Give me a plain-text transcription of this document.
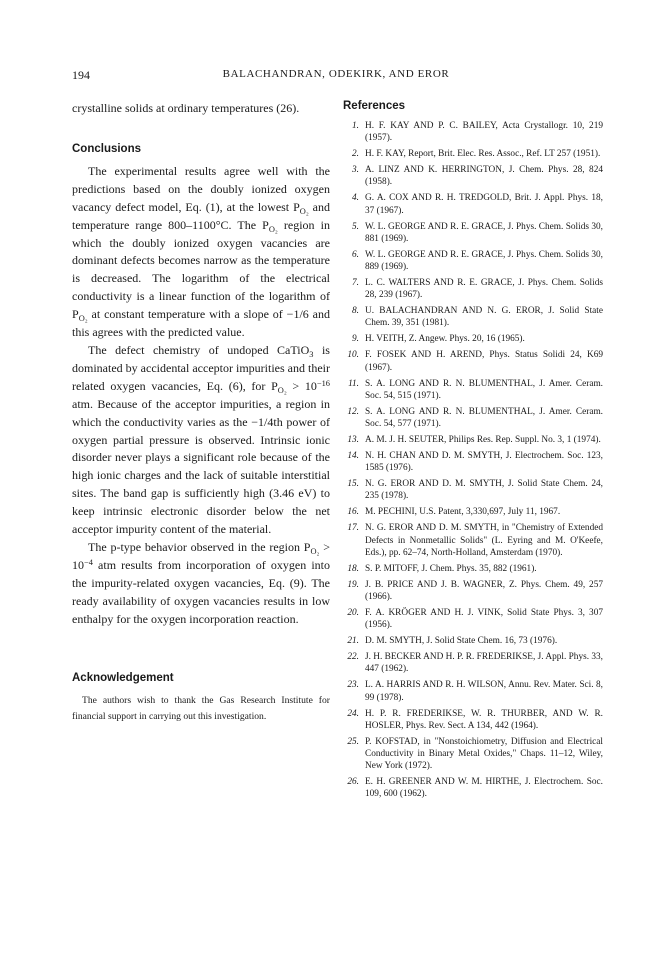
194	BALACHANDRAN, ODEKIRK, AND EROR

crystalline solids at ordinary temperatures (26).

Conclusions

The experimental results agree well with the predictions based on the doubly ionized oxygen vacancy defect model, Eq. (1), at the lowest $P_{O_2}$ and temperature range 800–1100°C. The $P_{O_2}$ region in which the doubly ionized oxygen vacancies are dominant defects becomes narrow as the temperature is decreased. The logarithm of the electrical conductivity is a linear function of the logarithm of $P_{O_2}$ at constant temperature with a slope of −1/6 and this agrees with the predicted value.

The defect chemistry of undoped CaTiO$_3$ is dominated by accidental acceptor impurities and their related oxygen vacancies, Eq. (6), for $P_{O_2} > 10^{-16}$ atm. Because of the acceptor impurities, a region in which the conductivity varies as the −1/4th power of oxygen partial pressure is observed. Intrinsic ionic disorder never plays a significant role because of the high ionic charges and the lack of suitable interstitial sites. The band gap is sufficiently high (3.46 eV) to keep intrinsic electronic disorder below the net acceptor impurity content of the material.

The p-type behavior observed in the region $P_{O_2} > 10^{-4}$ atm results from incorporation of oxygen into the impurity-related oxygen vacancies, Eq. (9). The ready availability of oxygen vacancies results in low enthalpy for the oxygen incorporation reaction.

Acknowledgement

The authors wish to thank the Gas Research Institute for financial support in carrying out this investigation.

References
1. H. F. KAY AND P. C. BAILEY, Acta Crystallogr. 10, 219 (1957).
2. H. F. KAY, Report, Brit. Elec. Res. Assoc., Ref. LT 257 (1951).
3. A. LINZ AND K. HERRINGTON, J. Chem. Phys. 28, 824 (1958).
4. G. A. COX AND R. H. TREDGOLD, Brit. J. Appl. Phys. 18, 37 (1967).
5. W. L. GEORGE AND R. E. GRACE, J. Phys. Chem. Solids 30, 881 (1969).
6. W. L. GEORGE AND R. E. GRACE, J. Phys. Chem. Solids 30, 889 (1969).
7. L. C. WALTERS AND R. E. GRACE, J. Phys. Chem. Solids 28, 239 (1967).
8. U. BALACHANDRAN AND N. G. EROR, J. Solid State Chem. 39, 351 (1981).
9. H. VEITH, Z. Angew. Phys. 20, 16 (1965).
10. F. FOSEK AND H. AREND, Phys. Status Solidi 24, K69 (1967).
11. S. A. LONG AND R. N. BLUMENTHAL, J. Amer. Ceram. Soc. 54, 515 (1971).
12. S. A. LONG AND R. N. BLUMENTHAL, J. Amer. Ceram. Soc. 54, 577 (1971).
13. A. M. J. H. SEUTER, Philips Res. Rep. Suppl. No. 3, 1 (1974).
14. N. H. CHAN AND D. M. SMYTH, J. Electrochem. Soc. 123, 1585 (1976).
15. N. G. EROR AND D. M. SMYTH, J. Solid State Chem. 24, 235 (1978).
16. M. PECHINI, U.S. Patent, 3,330,697, July 11, 1967.
17. N. G. EROR AND D. M. SMYTH, in "Chemistry of Extended Defects in Nonmetallic Solids" (L. Eyring and M. O'Keefe, Eds.), pp. 62–74, North-Holland, Amsterdam (1970).
18. S. P. MITOFF, J. Chem. Phys. 35, 882 (1961).
19. J. B. PRICE AND J. B. WAGNER, Z. Phys. Chem. 49, 257 (1966).
20. F. A. KRÖGER AND H. J. VINK, Solid State Phys. 3, 307 (1956).
21. D. M. SMYTH, J. Solid State Chem. 16, 73 (1976).
22. J. H. BECKER AND H. P. R. FREDERIKSE, J. Appl. Phys. 33, 447 (1962).
23. L. A. HARRIS AND R. H. WILSON, Annu. Rev. Mater. Sci. 8, 99 (1978).
24. H. P. R. FREDERIKSE, W. R. THURBER, AND W. R. HOSLER, Phys. Rev. Sect. A 134, 442 (1964).
25. P. KOFSTAD, in "Nonstoichiometry, Diffusion and Electrical Conductivity in Binary Metal Oxides," Chaps. 11–12, Wiley, New York (1972).
26. E. H. GREENER AND W. M. HIRTHE, J. Electrochem. Soc. 109, 600 (1962).
